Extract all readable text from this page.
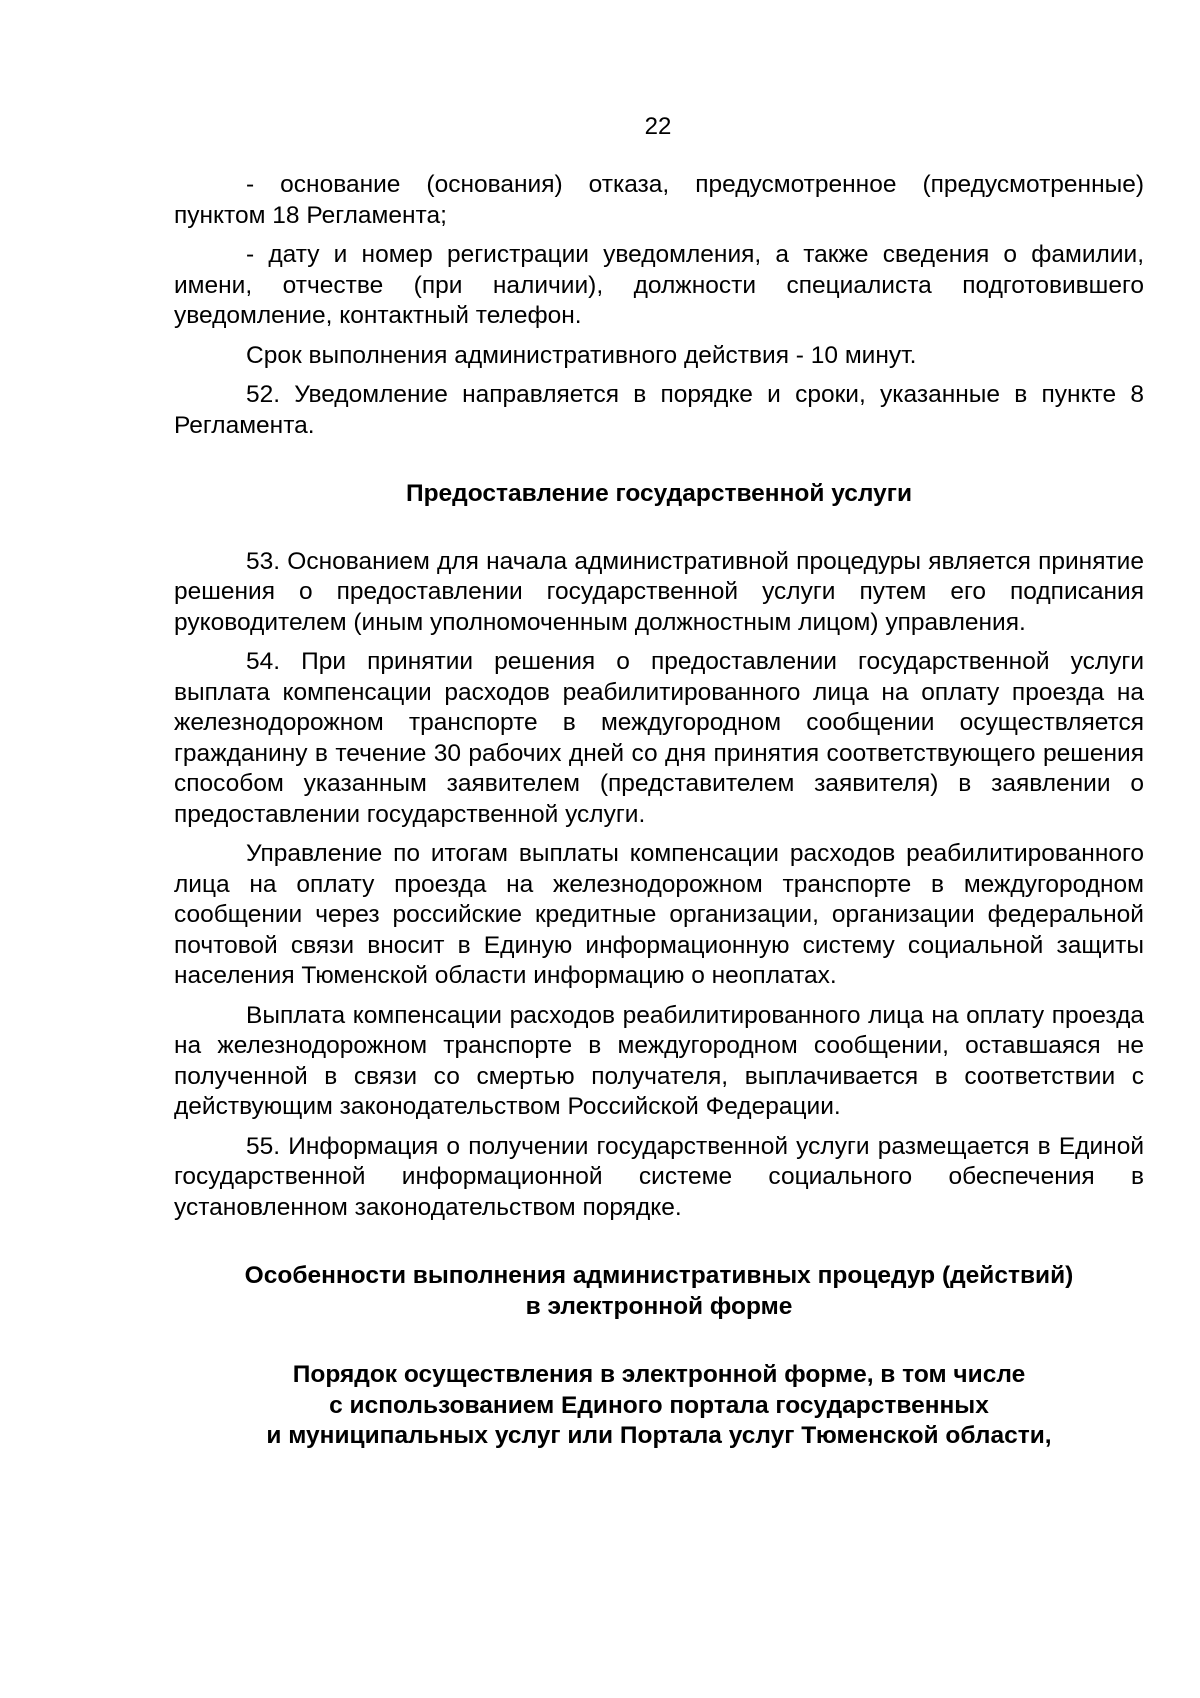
22

- основание (основания) отказа, предусмотренное (предусмотренные) пунктом 18 Регламента;

- дату и номер регистрации уведомления, а также сведения о фамилии, имени, отчестве (при наличии), должности специалиста подготовившего уведомление, контактный телефон.

Срок выполнения административного действия - 10 минут.

52. Уведомление направляется в порядке и сроки, указанные в пункте 8 Регламента.

Предоставление государственной услуги

53. Основанием для начала административной процедуры является принятие решения о предоставлении государственной услуги путем его подписания руководителем (иным уполномоченным должностным лицом) управления.

54. При принятии решения о предоставлении государственной услуги выплата компенсации расходов реабилитированного лица на оплату проезда на железнодорожном транспорте в междугородном сообщении осуществляется гражданину в течение 30 рабочих дней со дня принятия соответствующего решения способом указанным заявителем (представителем заявителя) в заявлении о предоставлении государственной услуги.

Управление по итогам выплаты компенсации расходов реабилитированного лица на оплату проезда на железнодорожном транспорте в междугородном сообщении через российские кредитные организации, организации федеральной почтовой связи вносит в Единую информационную систему социальной защиты населения Тюменской области информацию о неоплатах.

Выплата компенсации расходов реабилитированного лица на оплату проезда на железнодорожном транспорте в междугородном сообщении, оставшаяся не полученной в связи со смертью получателя, выплачивается в соответствии с действующим законодательством Российской Федерации.

55. Информация о получении государственной услуги размещается в Единой государственной информационной системе социального обеспечения в установленном законодательством порядке.

Особенности выполнения административных процедур (действий)
в электронной форме

Порядок осуществления в электронной форме, в том числе
с использованием Единого портала государственных
и муниципальных услуг или Портала услуг Тюменской области,
